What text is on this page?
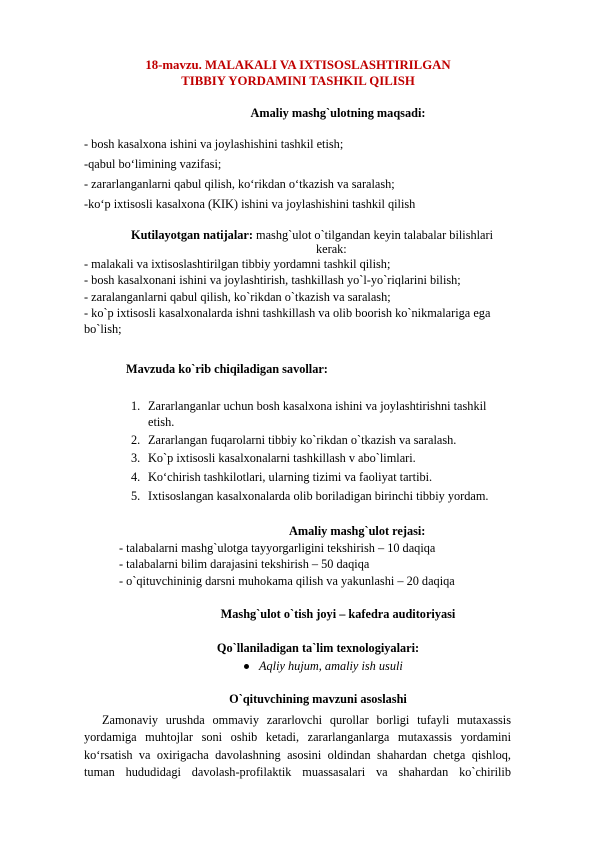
18-mavzu. MALAKALI VA IXTISOSLASHTIRILGAN
TIBBIY YORDAMINI TASHKIL QILISH
Amaliy mashg`ulotning maqsadi:
- bosh kasalxona ishini va joylashishini tashkil etish;
-qabul bo‘limining vazifasi;
- zararlanganlarni qabul qilish, ko‘rikdan o‘tkazish va saralash;
-ko‘p ixtisosli kasalxona (KIK) ishini va joylashishini tashkil qilish
Kutilayotgan natijalar: mashg`ulot o`tilgandan keyin talabalar bilishlari
kerak:
- malakali va ixtisoslashtirilgan tibbiy yordamni tashkil qilish;
- bosh kasalxonani ishini va joylashtirish, tashkillash yo`l-yo`riqlarini bilish;
- zaralanganlarni qabul qilish, ko`rikdan o`tkazish va saralash;
- ko`p ixtisosli kasalxonalarda ishni tashkillash va olib boorish ko`nikmalariga ega
bo`lish;
Mavzuda ko`rib chiqiladigan savollar:
1. Zararlanganlar uchun bosh kasalxona ishini va joylashtirishni tashkil
etish.
2. Zararlangan fuqarolarni tibbiy ko`rikdan o`tkazish va saralash.
3. Ko`p ixtisosli kasalxonalarni tashkillash v abo`limlari.
4. Ko‘chirish tashkilotlari, ularning tizimi va faoliyat tartibi.
5. Ixtisoslangan kasalxonalarda olib boriladigan birinchi tibbiy yordam.
Amaliy mashg`ulot rejasi:
- talabalarni mashg`ulotga tayyorgarligini tekshirish – 10 daqiqa
- talabalarni bilim darajasini tekshirish – 50 daqiqa
- o`qituvchininig darsni muhokama qilish va yakunlashi – 20 daqiqa
Mashg`ulot o`tish joyi – kafedra auditoriyasi
Qo`llaniladigan ta`lim texnologiyalari:
Aqliy hujum, amaliy ish usuli
O`qituvchining mavzuni asoslashi
Zamonaviy urushda ommaviy zararlovchi qurollar borligi tufayli mutaxassis
yordamiga muhtojlar soni oshib ketadi, zararlanganlarga mutaxassis yordamini
ko‘rsatish va oxirigacha davolashning asosini oldindan shahardan chetga qishloq,
tuman hududidagi davolash-profilaktik muassasalari va shahardan ko`chirilib
